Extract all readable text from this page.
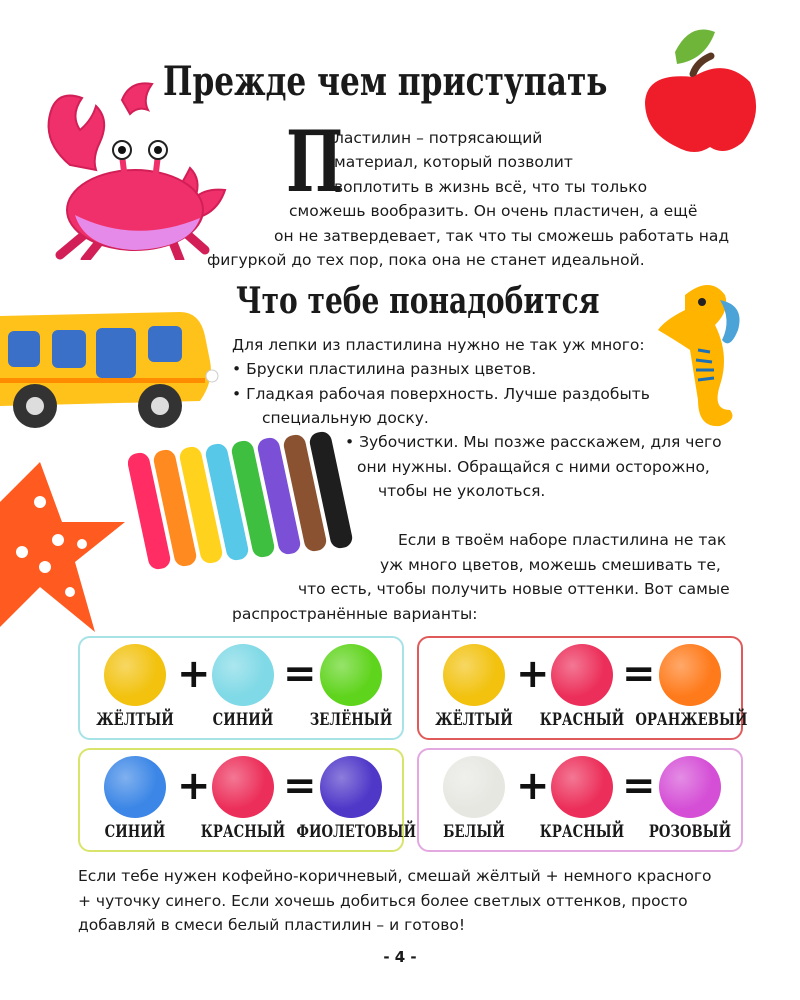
Прежде чем приступать
Что тебе понадобится
П
ластилин – потрясающий
материал, который позволит
воплотить в жизнь всё, что ты только
сможешь вообразить. Он очень пластичен, а ещё
он не затвердевает, так что ты сможешь работать над
фигуркой до тех пор, пока она не станет идеальной.
Для лепки из пластилина нужно не так уж много:
• Бруски пластилина разных цветов.
• Гладкая рабочая поверхность. Лучше раздобыть
специальную доску.
• Зубочистки. Мы позже расскажем, для чего
они нужны. Обращайся с ними осторожно,
чтобы не уколоться.
Если в твоём наборе пластилина не так
уж много цветов, можешь смешивать те,
что есть, чтобы получить новые оттенки. Вот самые
распространённые варианты:
ЖЁЛТЫЙ	СИНИЙ	ЗЕЛЁНЫЙ
+ =
ЖЁЛТЫЙ	КРАСНЫЙ ОРАНЖЕВЫЙ
+ =
СИНИЙ	КРАСНЫЙ ФИОЛЕТОВЫЙ
+ =
БЕЛЫЙ	КРАСНЫЙ	РОЗОВЫЙ
+ =
Если тебе нужен кофейно-коричневый, смешай жёлтый + немного красного
+ чуточку синего. Если хочешь добиться более светлых оттенков, просто
добавляй в смеси белый пластилин – и готово!
- 4 -
